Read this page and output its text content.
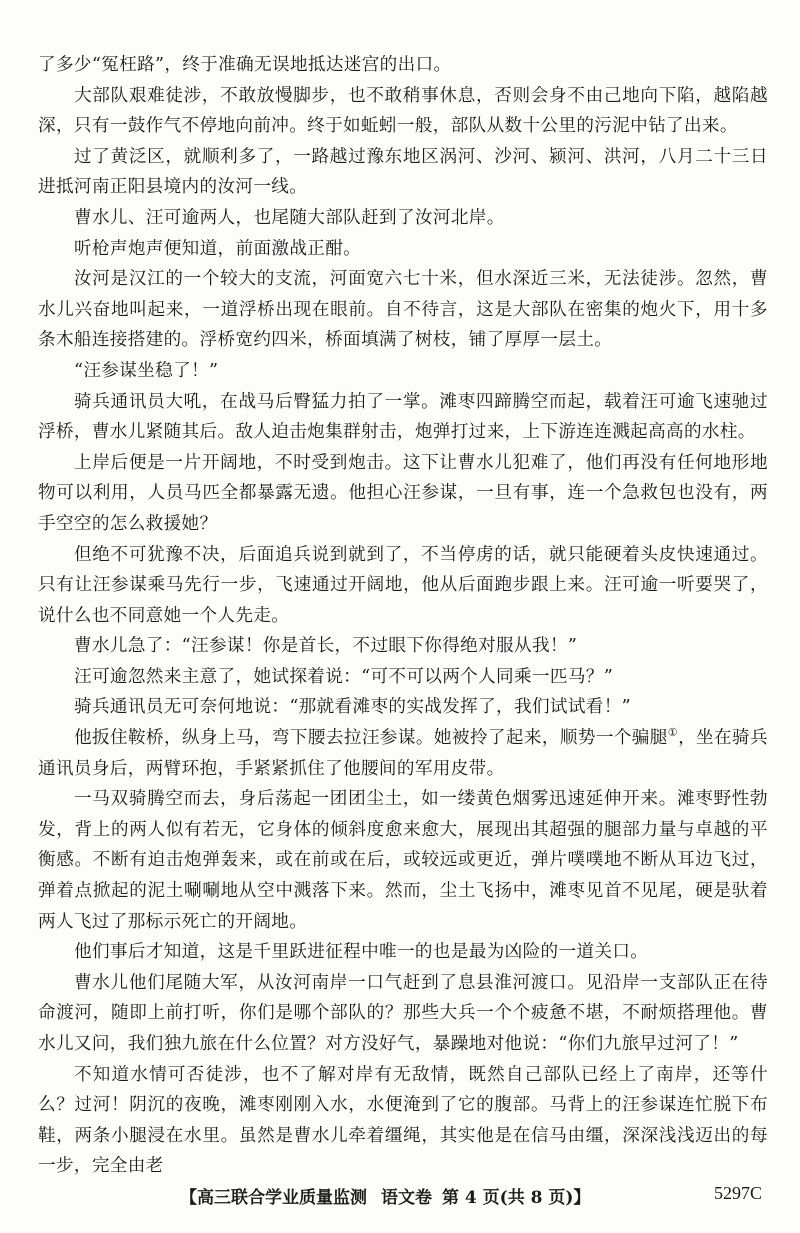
了多少“冤枉路”，终于准确无误地抵达迷宫的出口。

大部队艰难徒涉，不敢放慢脚步，也不敢稍事休息，否则会身不由己地向下陷，越陷越深，只有一鼓作气不停地向前冲。终于如蚯蚓一般，部队从数十公里的污泥中钻了出来。

过了黄泛区，就顺利多了，一路越过豫东地区涡河、沙河、颍河、洪河，八月二十三日进抵河南正阳县境内的汝河一线。

曹水儿、汪可逾两人，也尾随大部队赶到了汝河北岸。

听枪声炮声便知道，前面激战正酣。

汝河是汉江的一个较大的支流，河面宽六七十米，但水深近三米，无法徒涉。忽然，曹水儿兴奋地叫起来，一道浮桥出现在眼前。自不待言，这是大部队在密集的炮火下，用十多条木船连接搭建的。浮桥宽约四米，桥面填满了树枝，铺了厚厚一层土。

“汪参谋坐稳了！”

骑兵通讯员大吼，在战马后臀猛力拍了一掌。滩枣四蹄腾空而起，载着汪可逾飞速驰过浮桥，曹水儿紧随其后。敌人迫击炮集群射击，炮弹打过来，上下游连连溅起高高的水柱。

上岸后便是一片开阔地，不时受到炮击。这下让曹水儿犯难了，他们再没有任何地形地物可以利用，人员马匹全都暴露无遗。他担心汪参谋，一旦有事，连一个急救包也没有，两手空空的怎么救援她？

但绝不可犹豫不决，后面追兵说到就到了，不当停虏的话，就只能硬着头皮快速通过。只有让汪参谋乘马先行一步，飞速通过开阔地，他从后面跑步跟上来。汪可逾一听要哭了，说什么也不同意她一个人先走。

曹水儿急了：“汪参谋！你是首长，不过眼下你得绝对服从我！”

汪可逾忽然来主意了，她试探着说：“可不可以两个人同乘一匹马？”

骑兵通讯员无可奈何地说：“那就看滩枣的实战发挥了，我们试试看！”

他扳住鞍桥，纵身上马，弯下腰去拉汪参谋。她被拎了起来，顺势一个骗腿①，坐在骑兵通讯员身后，两臂环抱，手紧紧抓住了他腰间的军用皮带。

一马双骑腾空而去，身后荡起一团团尘土，如一缕黄色烟雾迅速延伸开来。滩枣野性勃发，背上的两人似有若无，它身体的倾斜度愈来愈大，展现出其超强的腿部力量与卓越的平衡感。不断有迫击炮弹轰来，或在前或在后，或较远或更近，弹片噗噗地不断从耳边飞过，弹着点掀起的泥土唰唰地从空中溅落下来。然而，尘土飞扬中，滩枣见首不见尾，硬是驮着两人飞过了那标示死亡的开阔地。

他们事后才知道，这是千里跃进征程中唯一的也是最为凶险的一道关口。

曹水儿他们尾随大军，从汝河南岸一口气赶到了息县淮河渡口。见沿岸一支部队正在待命渡河，随即上前打听，你们是哪个部队的？那些大兵一个个疲惫不堪，不耐烦搭理他。曹水儿又问，我们独九旅在什么位置？对方没好气，暴躁地对他说：“你们九旅早过河了！”

不知道水情可否徒涉，也不了解对岸有无敌情，既然自己部队已经上了南岸，还等什么？过河！阴沉的夜晚，滩枣刚刚入水，水便淹到了它的腹部。马背上的汪参谋连忙脱下布鞋，两条小腿浸在水里。虽然是曹水儿牵着缰绳，其实他是在信马由缰，深深浅浅迈出的每一步，完全由老

【高三联合学业质量监测 语文卷 第 4 页(共 8 页)】	5297C
